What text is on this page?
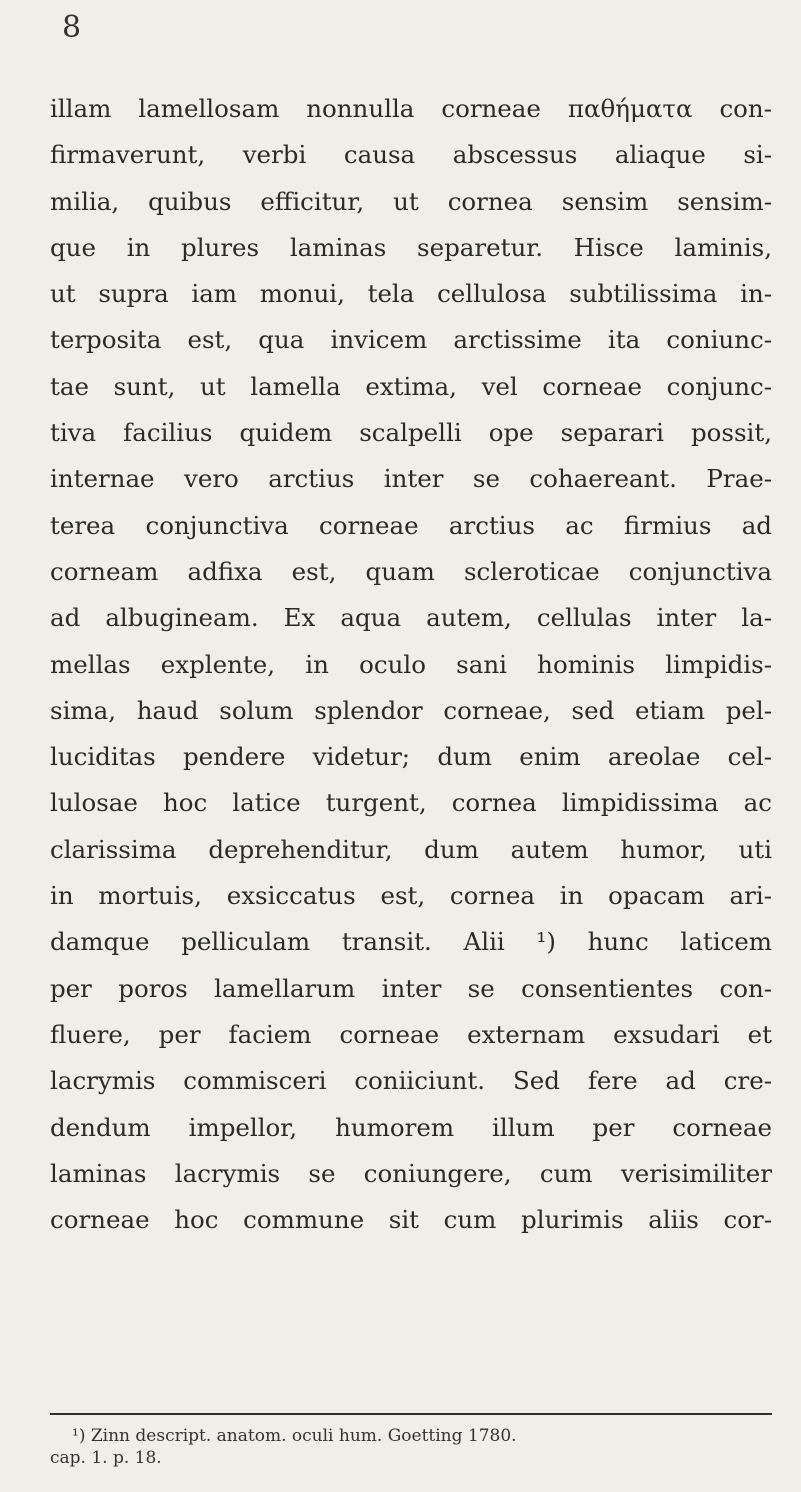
8
illam lamellosam nonnulla corneae παθήματα con-
firmaverunt, verbi causa abscessus aliaque si-
milia, quibus efficitur, ut cornea sensim sensim-
que in plures laminas separetur. Hisce laminis,
ut supra iam monui, tela cellulosa subtilissima in-
terposita est, qua invicem arctissime ita coniunc-
tae sunt, ut lamella extima, vel corneae conjunc-
tiva facilius quidem scalpelli ope separari possit,
internae vero arctius inter se cohaereant. Prae-
terea conjunctiva corneae arctius ac firmius ad
corneam adfixa est, quam scleroticae conjunctiva
ad albugineam. Ex aqua autem, cellulas inter la-
mellas explente, in oculo sani hominis limpidis-
sima, haud solum splendor corneae, sed etiam pel-
luciditas pendere videtur; dum enim areolae cel-
lulosae hoc latice turgent, cornea limpidissima ac
clarissima deprehenditur, dum autem humor, uti
in mortuis, exsiccatus est, cornea in opacam ari-
damque pelliculam transit. Alii ¹) hunc laticem
per poros lamellarum inter se consentientes con-
fluere, per faciem corneae externam exsudari et
lacrymis commisceri coniiciunt. Sed fere ad cre-
dendum impellor, humorem illum per corneae
laminas lacrymis se coniungere, cum verisimiliter
corneae hoc commune sit cum plurimis aliis cor-
¹) Zinn descript. anatom. oculi hum. Goetting 1780.
cap. 1. p. 18.
